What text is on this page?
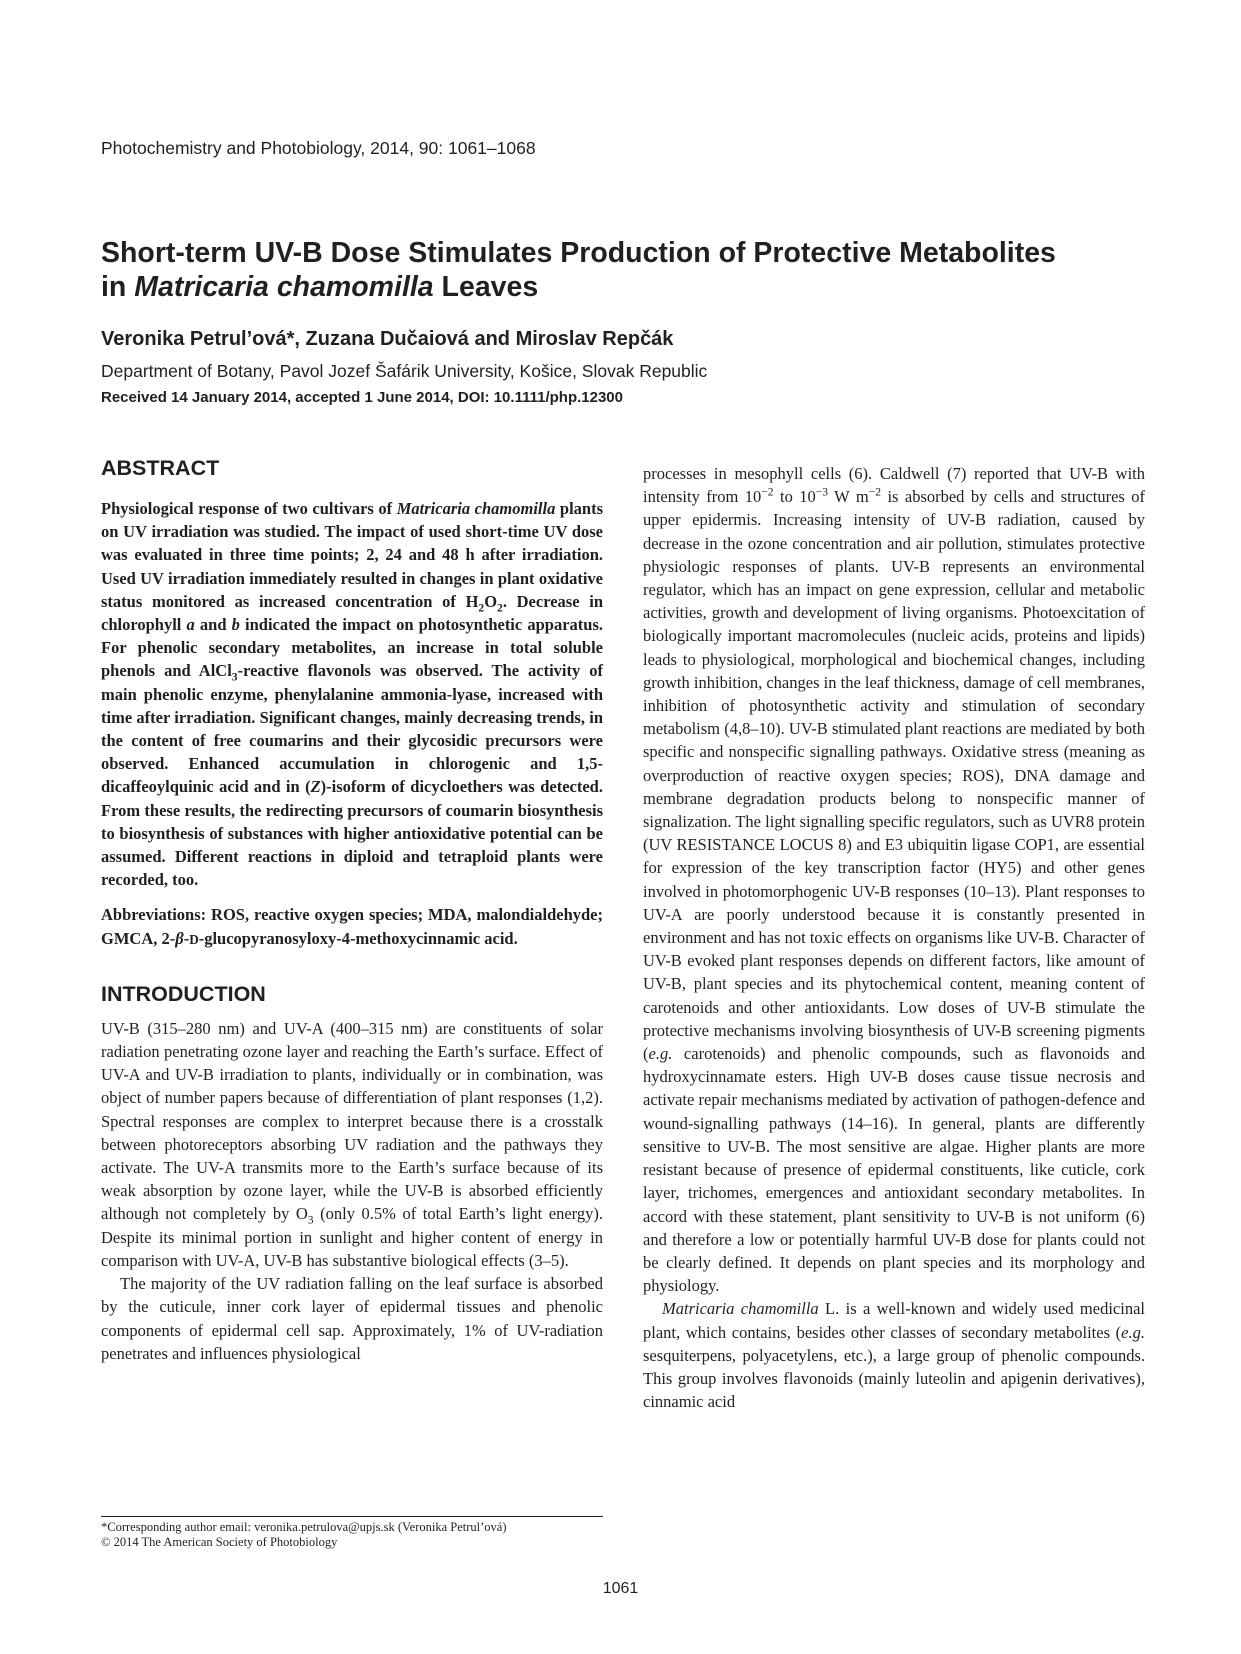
Photochemistry and Photobiology, 2014, 90: 1061–1068
Short-term UV-B Dose Stimulates Production of Protective Metabolites
in Matricaria chamomilla Leaves
Veronika Petrul’ová*, Zuzana Dučaiová and Miroslav Repčák
Department of Botany, Pavol Jozef Šafárik University, Košice, Slovak Republic
Received 14 January 2014, accepted 1 June 2014, DOI: 10.1111/php.12300
ABSTRACT

Physiological response of two cultivars of Matricaria chamomilla plants on UV irradiation was studied. The impact of used short-time UV dose was evaluated in three time points; 2, 24 and 48 h after irradiation. Used UV irradiation immediately resulted in changes in plant oxidative status monitored as increased concentration of $H_2O_2$. Decrease in chlorophyll a and b indicated the impact on photosynthetic apparatus. For phenolic secondary metabolites, an increase in total soluble phenols and AlCl$_3$-reactive flavonols was observed. The activity of main phenolic enzyme, phenylalanine ammonia-lyase, increased with time after irradiation. Significant changes, mainly decreasing trends, in the content of free coumarins and their glycosidic precursors were observed. Enhanced accumulation in chlorogenic and 1,5-dicaffeoylquinic acid and in (Z)-isoform of dicycloethers was detected. From these results, the redirecting precursors of coumarin biosynthesis to biosynthesis of substances with higher antioxidative potential can be assumed. Different reactions in diploid and tetraploid plants were recorded, too.

Abbreviations: ROS, reactive oxygen species; MDA, malondialdehyde; GMCA, 2-β-D-glucopyranosyloxy-4-methoxycinnamic acid.

INTRODUCTION

UV-B (315–280 nm) and UV-A (400–315 nm) are constituents of solar radiation penetrating ozone layer and reaching the Earth’s surface. Effect of UV-A and UV-B irradiation to plants, individually or in combination, was object of number papers because of differentiation of plant responses (1,2). Spectral responses are complex to interpret because there is a crosstalk between photoreceptors absorbing UV radiation and the pathways they activate. The UV-A transmits more to the Earth’s surface because of its weak absorption by ozone layer, while the UV-B is absorbed efficiently although not completely by $O_3$ (only 0.5% of total Earth’s light energy). Despite its minimal portion in sunlight and higher content of energy in comparison with UV-A, UV-B has substantive biological effects (3–5).

The majority of the UV radiation falling on the leaf surface is absorbed by the cuticule, inner cork layer of epidermal tissues and phenolic components of epidermal cell sap. Approximately, 1% of UV-radiation penetrates and influences physiological

processes in mesophyll cells (6). Caldwell (7) reported that UV-B with intensity from $10^{-2}$ to $10^{-3}$ W $m^{-2}$ is absorbed by cells and structures of upper epidermis. Increasing intensity of UV-B radiation, caused by decrease in the ozone concentration and air pollution, stimulates protective physiologic responses of plants. UV-B represents an environmental regulator, which has an impact on gene expression, cellular and metabolic activities, growth and development of living organisms. Photoexcitation of biologically important macromolecules (nucleic acids, proteins and lipids) leads to physiological, morphological and biochemical changes, including growth inhibition, changes in the leaf thickness, damage of cell membranes, inhibition of photosynthetic activity and stimulation of secondary metabolism (4,8–10). UV-B stimulated plant reactions are mediated by both specific and nonspecific signalling pathways. Oxidative stress (meaning as overproduction of reactive oxygen species; ROS), DNA damage and membrane degradation products belong to nonspecific manner of signalization. The light signalling specific regulators, such as UVR8 protein (UV RESISTANCE LOCUS 8) and E3 ubiquitin ligase COP1, are essential for expression of the key transcription factor (HY5) and other genes involved in photomorphogenic UV-B responses (10–13). Plant responses to UV-A are poorly understood because it is constantly presented in environment and has not toxic effects on organisms like UV-B. Character of UV-B evoked plant responses depends on different factors, like amount of UV-B, plant species and its phytochemical content, meaning content of carotenoids and other antioxidants. Low doses of UV-B stimulate the protective mechanisms involving biosynthesis of UV-B screening pigments (e.g. carotenoids) and phenolic compounds, such as flavonoids and hydroxycinnamate esters. High UV-B doses cause tissue necrosis and activate repair mechanisms mediated by activation of pathogen-defence and wound-signalling pathways (14–16). In general, plants are differently sensitive to UV-B. The most sensitive are algae. Higher plants are more resistant because of presence of epidermal constituents, like cuticle, cork layer, trichomes, emergences and antioxidant secondary metabolites. In accord with these statement, plant sensitivity to UV-B is not uniform (6) and therefore a low or potentially harmful UV-B dose for plants could not be clearly defined. It depends on plant species and its morphology and physiology.

Matricaria chamomilla L. is a well-known and widely used medicinal plant, which contains, besides other classes of secondary metabolites (e.g. sesquiterpens, polyacetylens, etc.), a large group of phenolic compounds. This group involves flavonoids (mainly luteolin and apigenin derivatives), cinnamic acid

*Corresponding author email: veronika.petrulova@upjs.sk (Veronika Petrul’ová)
© 2014 The American Society of Photobiology
1061
